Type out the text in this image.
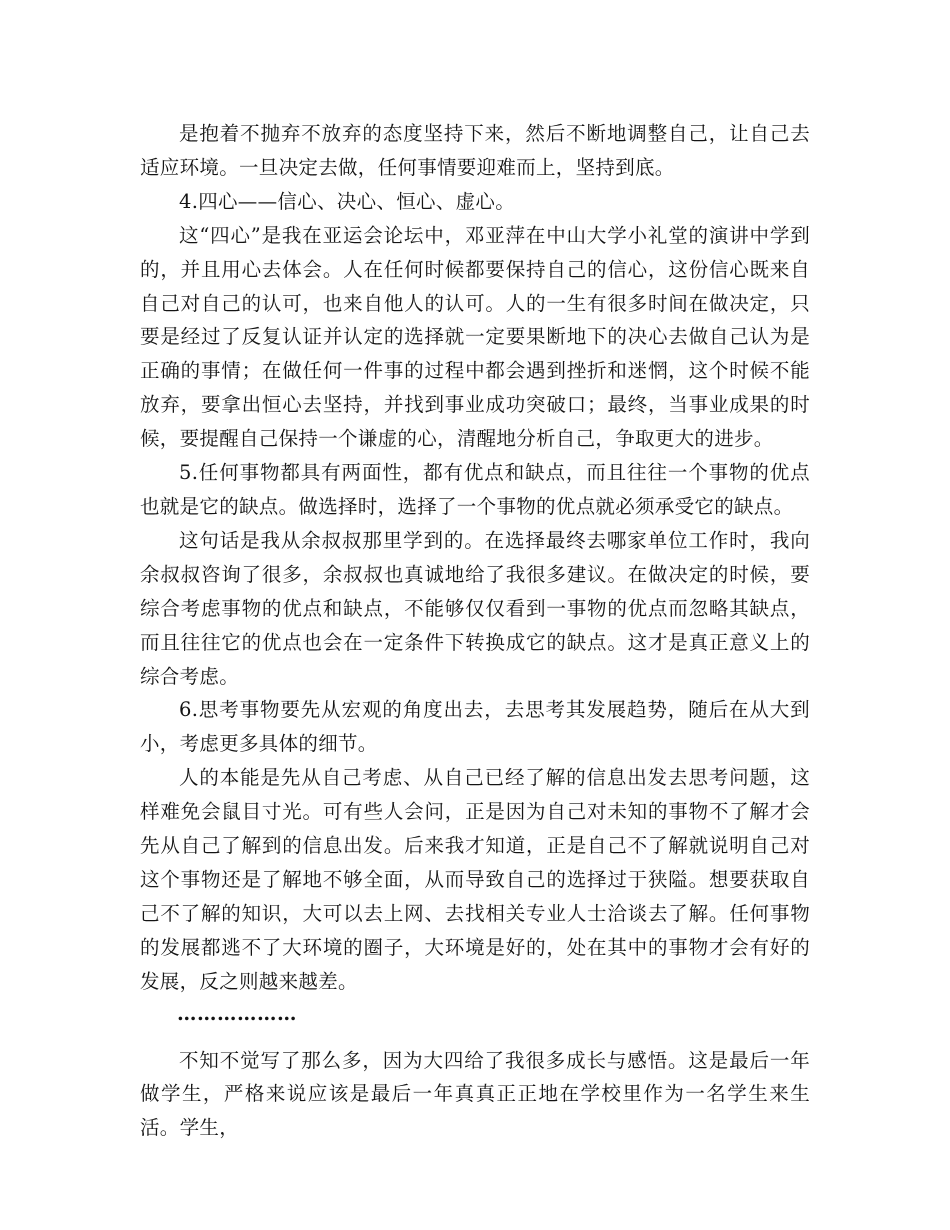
是抱着不抛弃不放弃的态度坚持下来，然后不断地调整自己，让自己去适应环境。一旦决定去做，任何事情要迎难而上，坚持到底。

4.四心——信心、决心、恒心、虚心。

这“四心”是我在亚运会论坛中，邓亚萍在中山大学小礼堂的演讲中学到的，并且用心去体会。人在任何时候都要保持自己的信心，这份信心既来自自己对自己的认可，也来自他人的认可。人的一生有很多时间在做决定，只要是经过了反复认证并认定的选择就一定要果断地下的决心去做自己认为是正确的事情；在做任何一件事的过程中都会遇到挫折和迷惘，这个时候不能放弃，要拿出恒心去坚持，并找到事业成功突破口；最终，当事业成果的时候，要提醒自己保持一个谦虚的心，清醒地分析自己，争取更大的进步。

5.任何事物都具有两面性，都有优点和缺点，而且往往一个事物的优点也就是它的缺点。做选择时，选择了一个事物的优点就必须承受它的缺点。

这句话是我从余叔叔那里学到的。在选择最终去哪家单位工作时，我向余叔叔咨询了很多，余叔叔也真诚地给了我很多建议。在做决定的时候，要综合考虑事物的优点和缺点，不能够仅仅看到一事物的优点而忽略其缺点，而且往往它的优点也会在一定条件下转换成它的缺点。这才是真正意义上的综合考虑。

6.思考事物要先从宏观的角度出去，去思考其发展趋势，随后在从大到小，考虑更多具体的细节。

人的本能是先从自己考虑、从自己已经了解的信息出发去思考问题，这样难免会鼠目寸光。可有些人会问，正是因为自己对未知的事物不了解才会先从自己了解到的信息出发。后来我才知道，正是自己不了解就说明自己对这个事物还是了解地不够全面，从而导致自己的选择过于狭隘。想要获取自己不了解的知识，大可以去上网、去找相关专业人士洽谈去了解。任何事物的发展都逃不了大环境的圈子，大环境是好的，处在其中的事物才会有好的发展，反之则越来越差。

………………

不知不觉写了那么多，因为大四给了我很多成长与感悟。这是最后一年做学生，严格来说应该是最后一年真真正正地在学校里作为一名学生来生活。学生，
